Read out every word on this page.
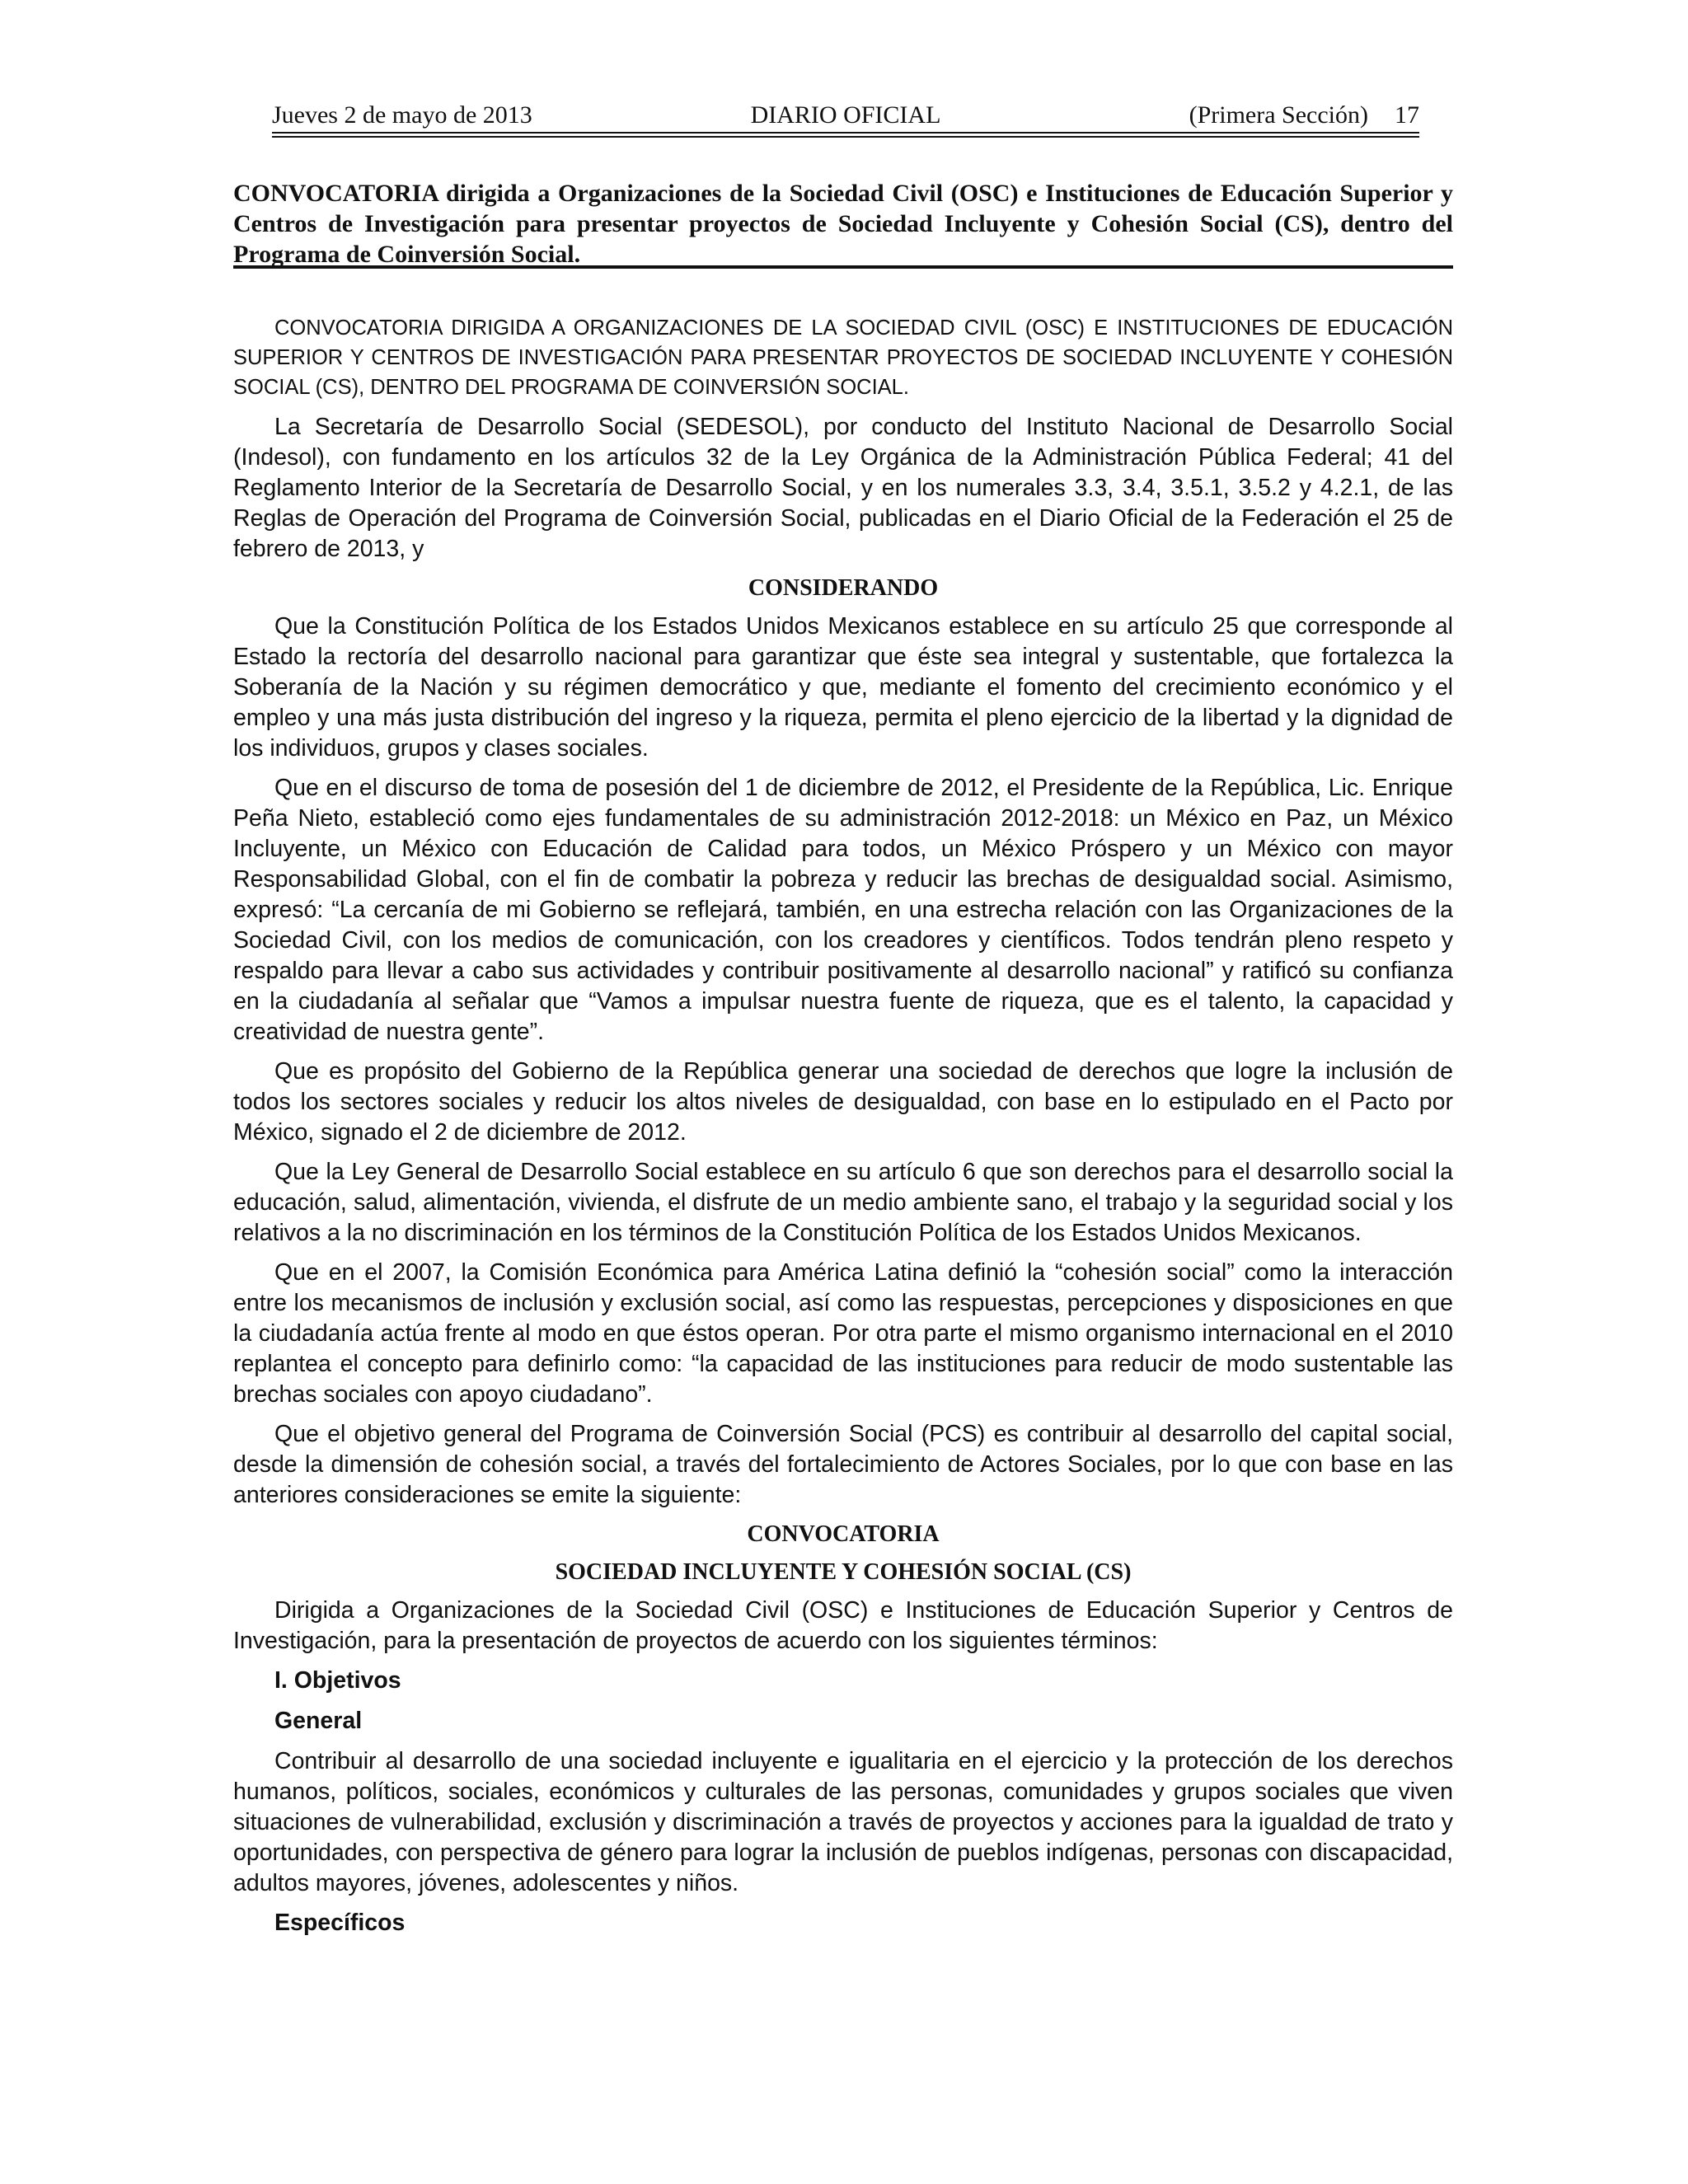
Jueves 2 de mayo de 2013	DIARIO OFICIAL	(Primera Sección) 17
CONVOCATORIA dirigida a Organizaciones de la Sociedad Civil (OSC) e Instituciones de Educación Superior y Centros de Investigación para presentar proyectos de Sociedad Incluyente y Cohesión Social (CS), dentro del Programa de Coinversión Social.

CONVOCATORIA DIRIGIDA A ORGANIZACIONES DE LA SOCIEDAD CIVIL (OSC) E INSTITUCIONES DE EDUCACIÓN SUPERIOR Y CENTROS DE INVESTIGACIÓN PARA PRESENTAR PROYECTOS DE SOCIEDAD INCLUYENTE Y COHESIÓN SOCIAL (CS), DENTRO DEL PROGRAMA DE COINVERSIÓN SOCIAL.

La Secretaría de Desarrollo Social (SEDESOL), por conducto del Instituto Nacional de Desarrollo Social (Indesol), con fundamento en los artículos 32 de la Ley Orgánica de la Administración Pública Federal; 41 del Reglamento Interior de la Secretaría de Desarrollo Social, y en los numerales 3.3, 3.4, 3.5.1, 3.5.2 y 4.2.1, de las Reglas de Operación del Programa de Coinversión Social, publicadas en el Diario Oficial de la Federación el 25 de febrero de 2013, y

CONSIDERANDO

Que la Constitución Política de los Estados Unidos Mexicanos establece en su artículo 25 que corresponde al Estado la rectoría del desarrollo nacional para garantizar que éste sea integral y sustentable, que fortalezca la Soberanía de la Nación y su régimen democrático y que, mediante el fomento del crecimiento económico y el empleo y una más justa distribución del ingreso y la riqueza, permita el pleno ejercicio de la libertad y la dignidad de los individuos, grupos y clases sociales.

Que en el discurso de toma de posesión del 1 de diciembre de 2012, el Presidente de la República, Lic. Enrique Peña Nieto, estableció como ejes fundamentales de su administración 2012-2018: un México en Paz, un México Incluyente, un México con Educación de Calidad para todos, un México Próspero y un México con mayor Responsabilidad Global, con el fin de combatir la pobreza y reducir las brechas de desigualdad social. Asimismo, expresó: “La cercanía de mi Gobierno se reflejará, también, en una estrecha relación con las Organizaciones de la Sociedad Civil, con los medios de comunicación, con los creadores y científicos. Todos tendrán pleno respeto y respaldo para llevar a cabo sus actividades y contribuir positivamente al desarrollo nacional” y ratificó su confianza en la ciudadanía al señalar que “Vamos a impulsar nuestra fuente de riqueza, que es el talento, la capacidad y creatividad de nuestra gente”.

Que es propósito del Gobierno de la República generar una sociedad de derechos que logre la inclusión de todos los sectores sociales y reducir los altos niveles de desigualdad, con base en lo estipulado en el Pacto por México, signado el 2 de diciembre de 2012.

Que la Ley General de Desarrollo Social establece en su artículo 6 que son derechos para el desarrollo social la educación, salud, alimentación, vivienda, el disfrute de un medio ambiente sano, el trabajo y la seguridad social y los relativos a la no discriminación en los términos de la Constitución Política de los Estados Unidos Mexicanos.

Que en el 2007, la Comisión Económica para América Latina definió la “cohesión social” como la interacción entre los mecanismos de inclusión y exclusión social, así como las respuestas, percepciones y disposiciones en que la ciudadanía actúa frente al modo en que éstos operan. Por otra parte el mismo organismo internacional en el 2010 replantea el concepto para definirlo como: “la capacidad de las instituciones para reducir de modo sustentable las brechas sociales con apoyo ciudadano”.

Que el objetivo general del Programa de Coinversión Social (PCS) es contribuir al desarrollo del capital social, desde la dimensión de cohesión social, a través del fortalecimiento de Actores Sociales, por lo que con base en las anteriores consideraciones se emite la siguiente:

CONVOCATORIA
SOCIEDAD INCLUYENTE Y COHESIÓN SOCIAL (CS)

Dirigida a Organizaciones de la Sociedad Civil (OSC) e Instituciones de Educación Superior y Centros de Investigación, para la presentación de proyectos de acuerdo con los siguientes términos:

I. Objetivos
General

Contribuir al desarrollo de una sociedad incluyente e igualitaria en el ejercicio y la protección de los derechos humanos, políticos, sociales, económicos y culturales de las personas, comunidades y grupos sociales que viven situaciones de vulnerabilidad, exclusión y discriminación a través de proyectos y acciones para la igualdad de trato y oportunidades, con perspectiva de género para lograr la inclusión de pueblos indígenas, personas con discapacidad, adultos mayores, jóvenes, adolescentes y niños.

Específicos
